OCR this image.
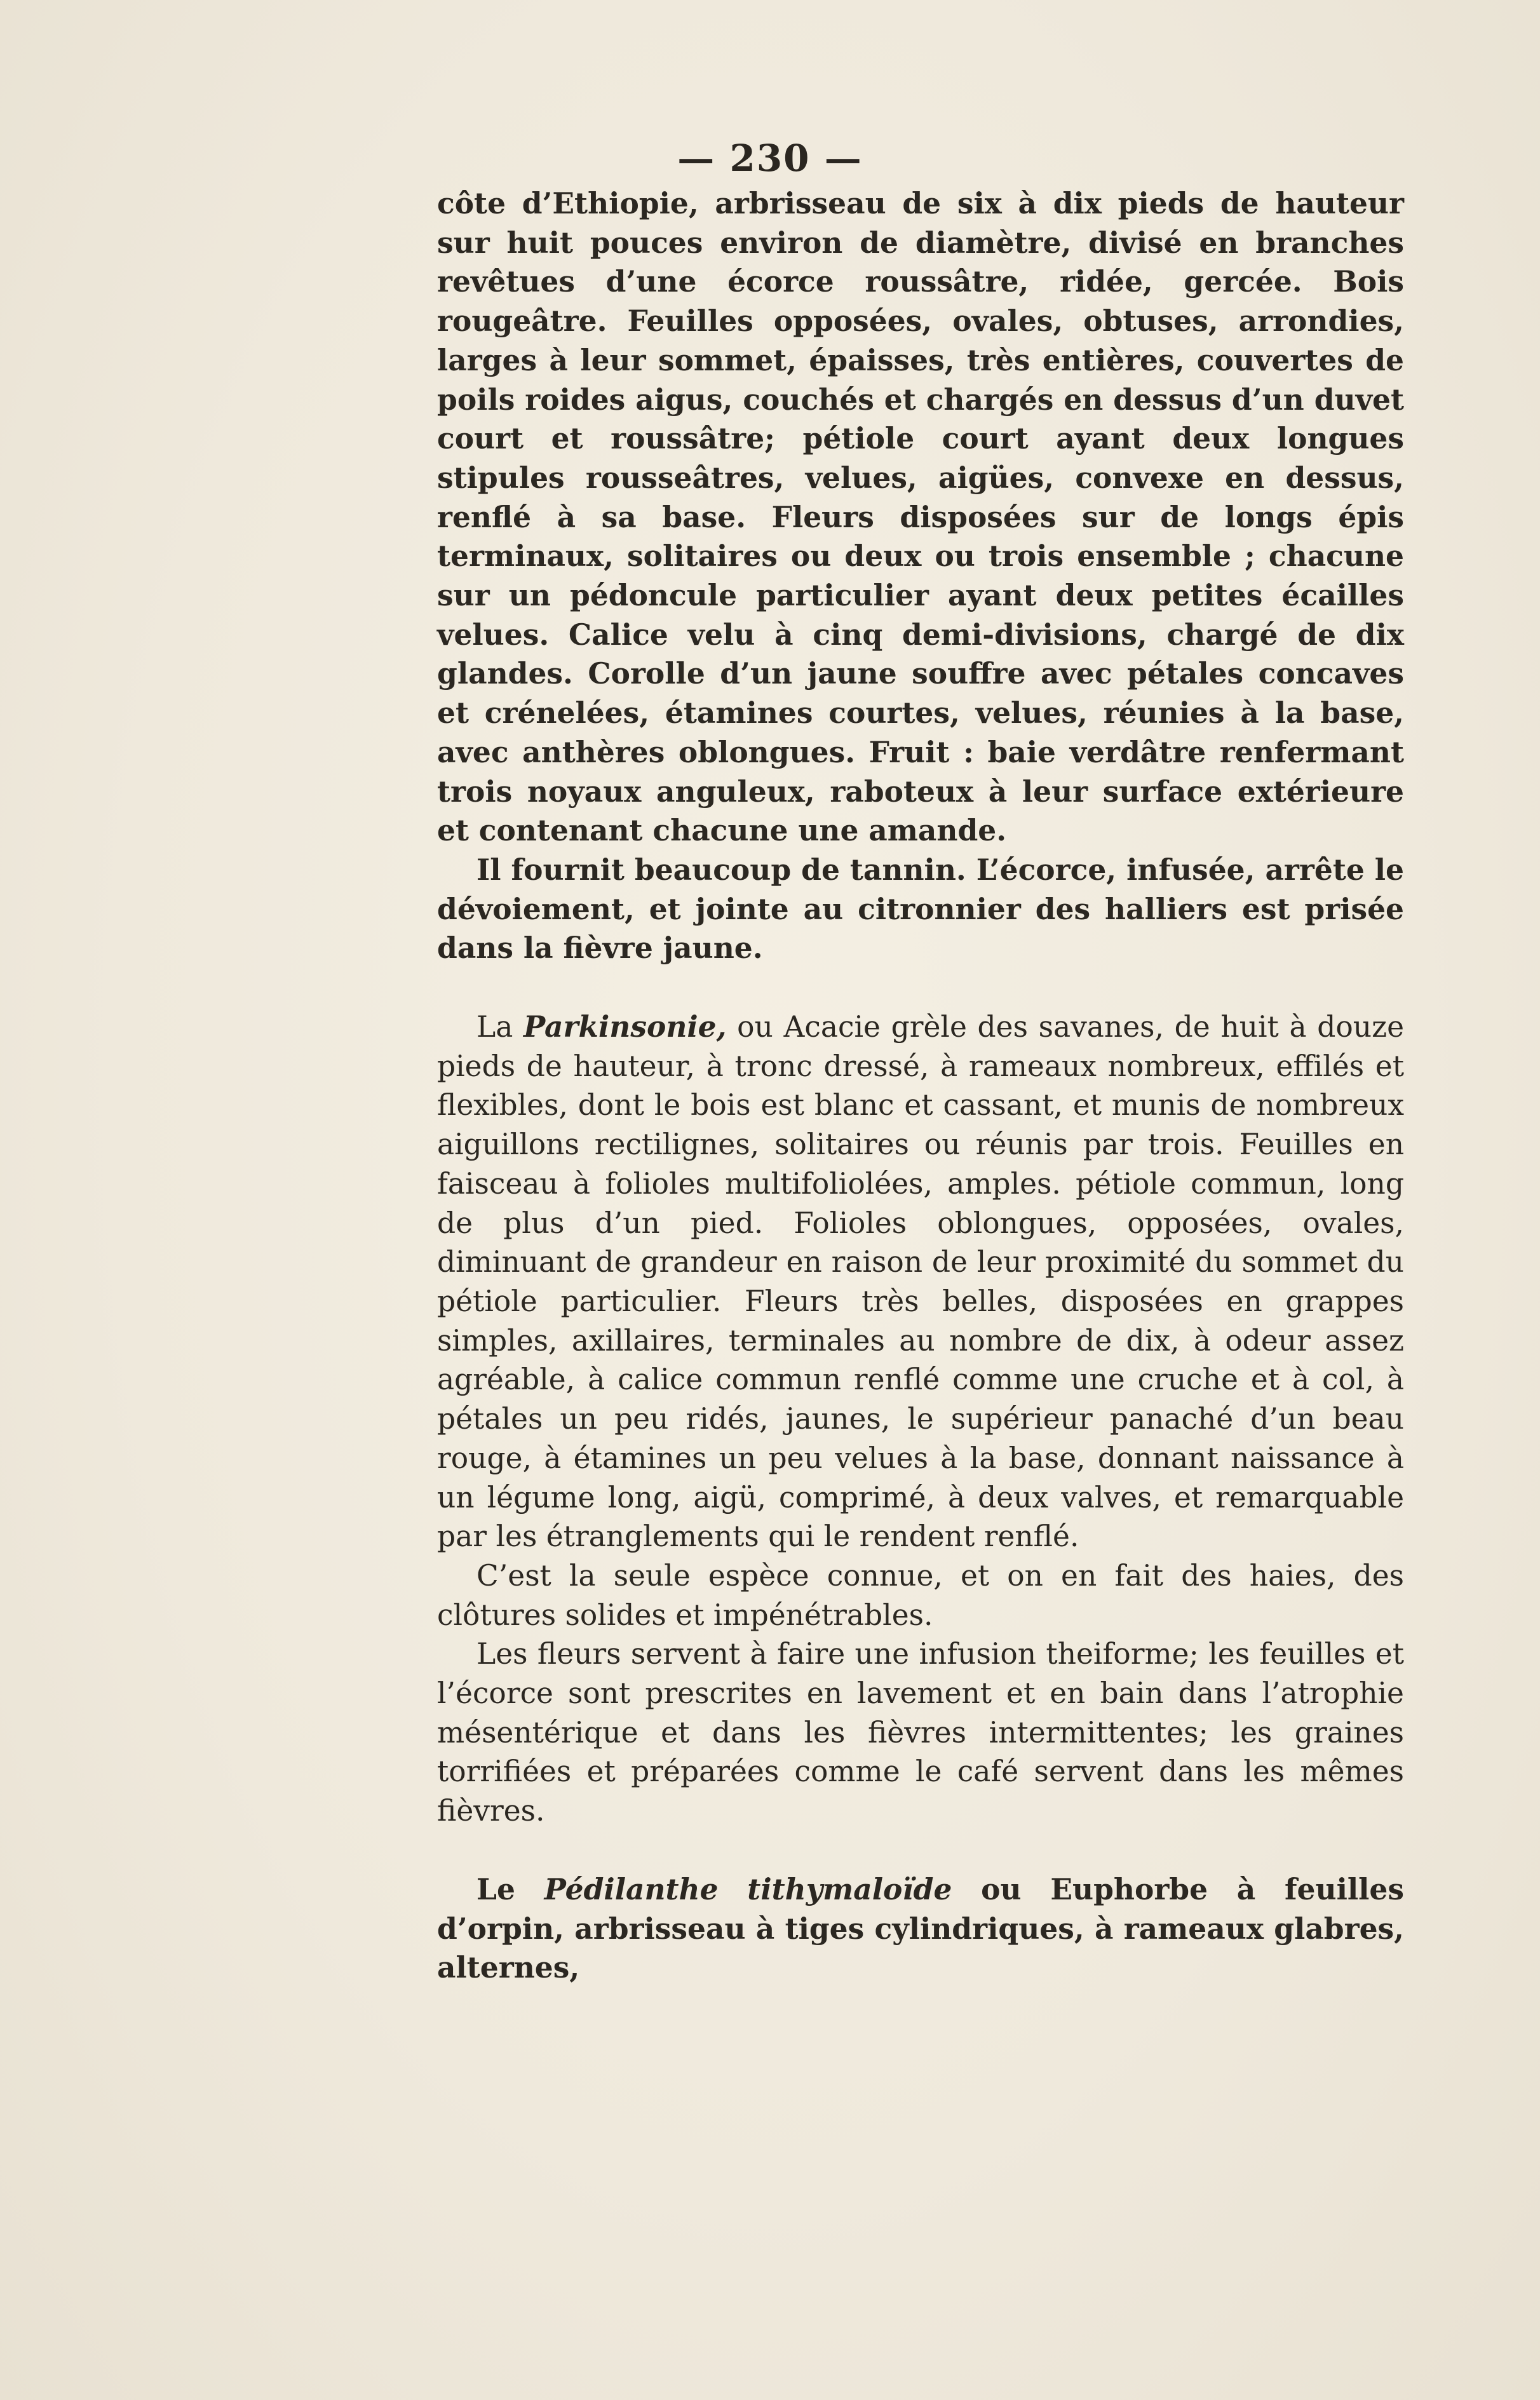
— 230 —

côte d’Ethiopie, arbrisseau de six à dix pieds de hauteur sur huit pouces environ de diamètre, divisé en branches revêtues d’une écorce roussâtre, ridée, gercée. Bois rougeâtre. Feuilles opposées, ovales, obtuses, arrondies, larges à leur sommet, épaisses, très entières, couvertes de poils roides aigus, couchés et chargés en dessus d’un duvet court et roussâtre; pétiole court ayant deux longues stipules rousseâtres, velues, aigües, convexe en dessus, renflé à sa base. Fleurs disposées sur de longs épis terminaux, solitaires ou deux ou trois ensemble ; chacune sur un pédoncule particulier ayant deux petites écailles velues. Calice velu à cinq demi-divisions, chargé de dix glandes. Corolle d’un jaune souffre avec pétales concaves et crénelées, étamines courtes, velues, réunies à la base, avec anthères oblongues. Fruit : baie verdâtre renfermant trois noyaux anguleux, raboteux à leur surface extérieure et contenant chacune une amande.

Il fournit beaucoup de tannin. L’écorce, infusée, arrête le dévoiement, et jointe au citronnier des halliers est prisée dans la fièvre jaune.

La Parkinsonie, ou Acacie grèle des savanes, de huit à douze pieds de hauteur, à tronc dressé, à rameaux nombreux, effilés et flexibles, dont le bois est blanc et cassant, et munis de nombreux aiguillons rectilignes, solitaires ou réunis par trois. Feuilles en faisceau à folioles multifoliolées, amples. pétiole commun, long de plus d’un pied. Folioles oblongues, opposées, ovales, diminuant de grandeur en raison de leur proximité du sommet du pétiole particulier. Fleurs très belles, disposées en grappes simples, axillaires, terminales au nombre de dix, à odeur assez agréable, à calice commun renflé comme une cruche et à col, à pétales un peu ridés, jaunes, le supérieur panaché d’un beau rouge, à étamines un peu velues à la base, donnant naissance à un légume long, aigü, comprimé, à deux valves, et remarquable par les étranglements qui le rendent renflé.

C’est la seule espèce connue, et on en fait des haies, des clôtures solides et impénétrables.

Les fleurs servent à faire une infusion theiforme; les feuilles et l’écorce sont prescrites en lavement et en bain dans l’atrophie mésentérique et dans les fièvres intermittentes; les graines torrifiées et préparées comme le café servent dans les mêmes fièvres.

Le Pédilanthe tithymaloïde ou Euphorbe à feuilles d’orpin, arbrisseau à tiges cylindriques, à rameaux glabres, alternes,
